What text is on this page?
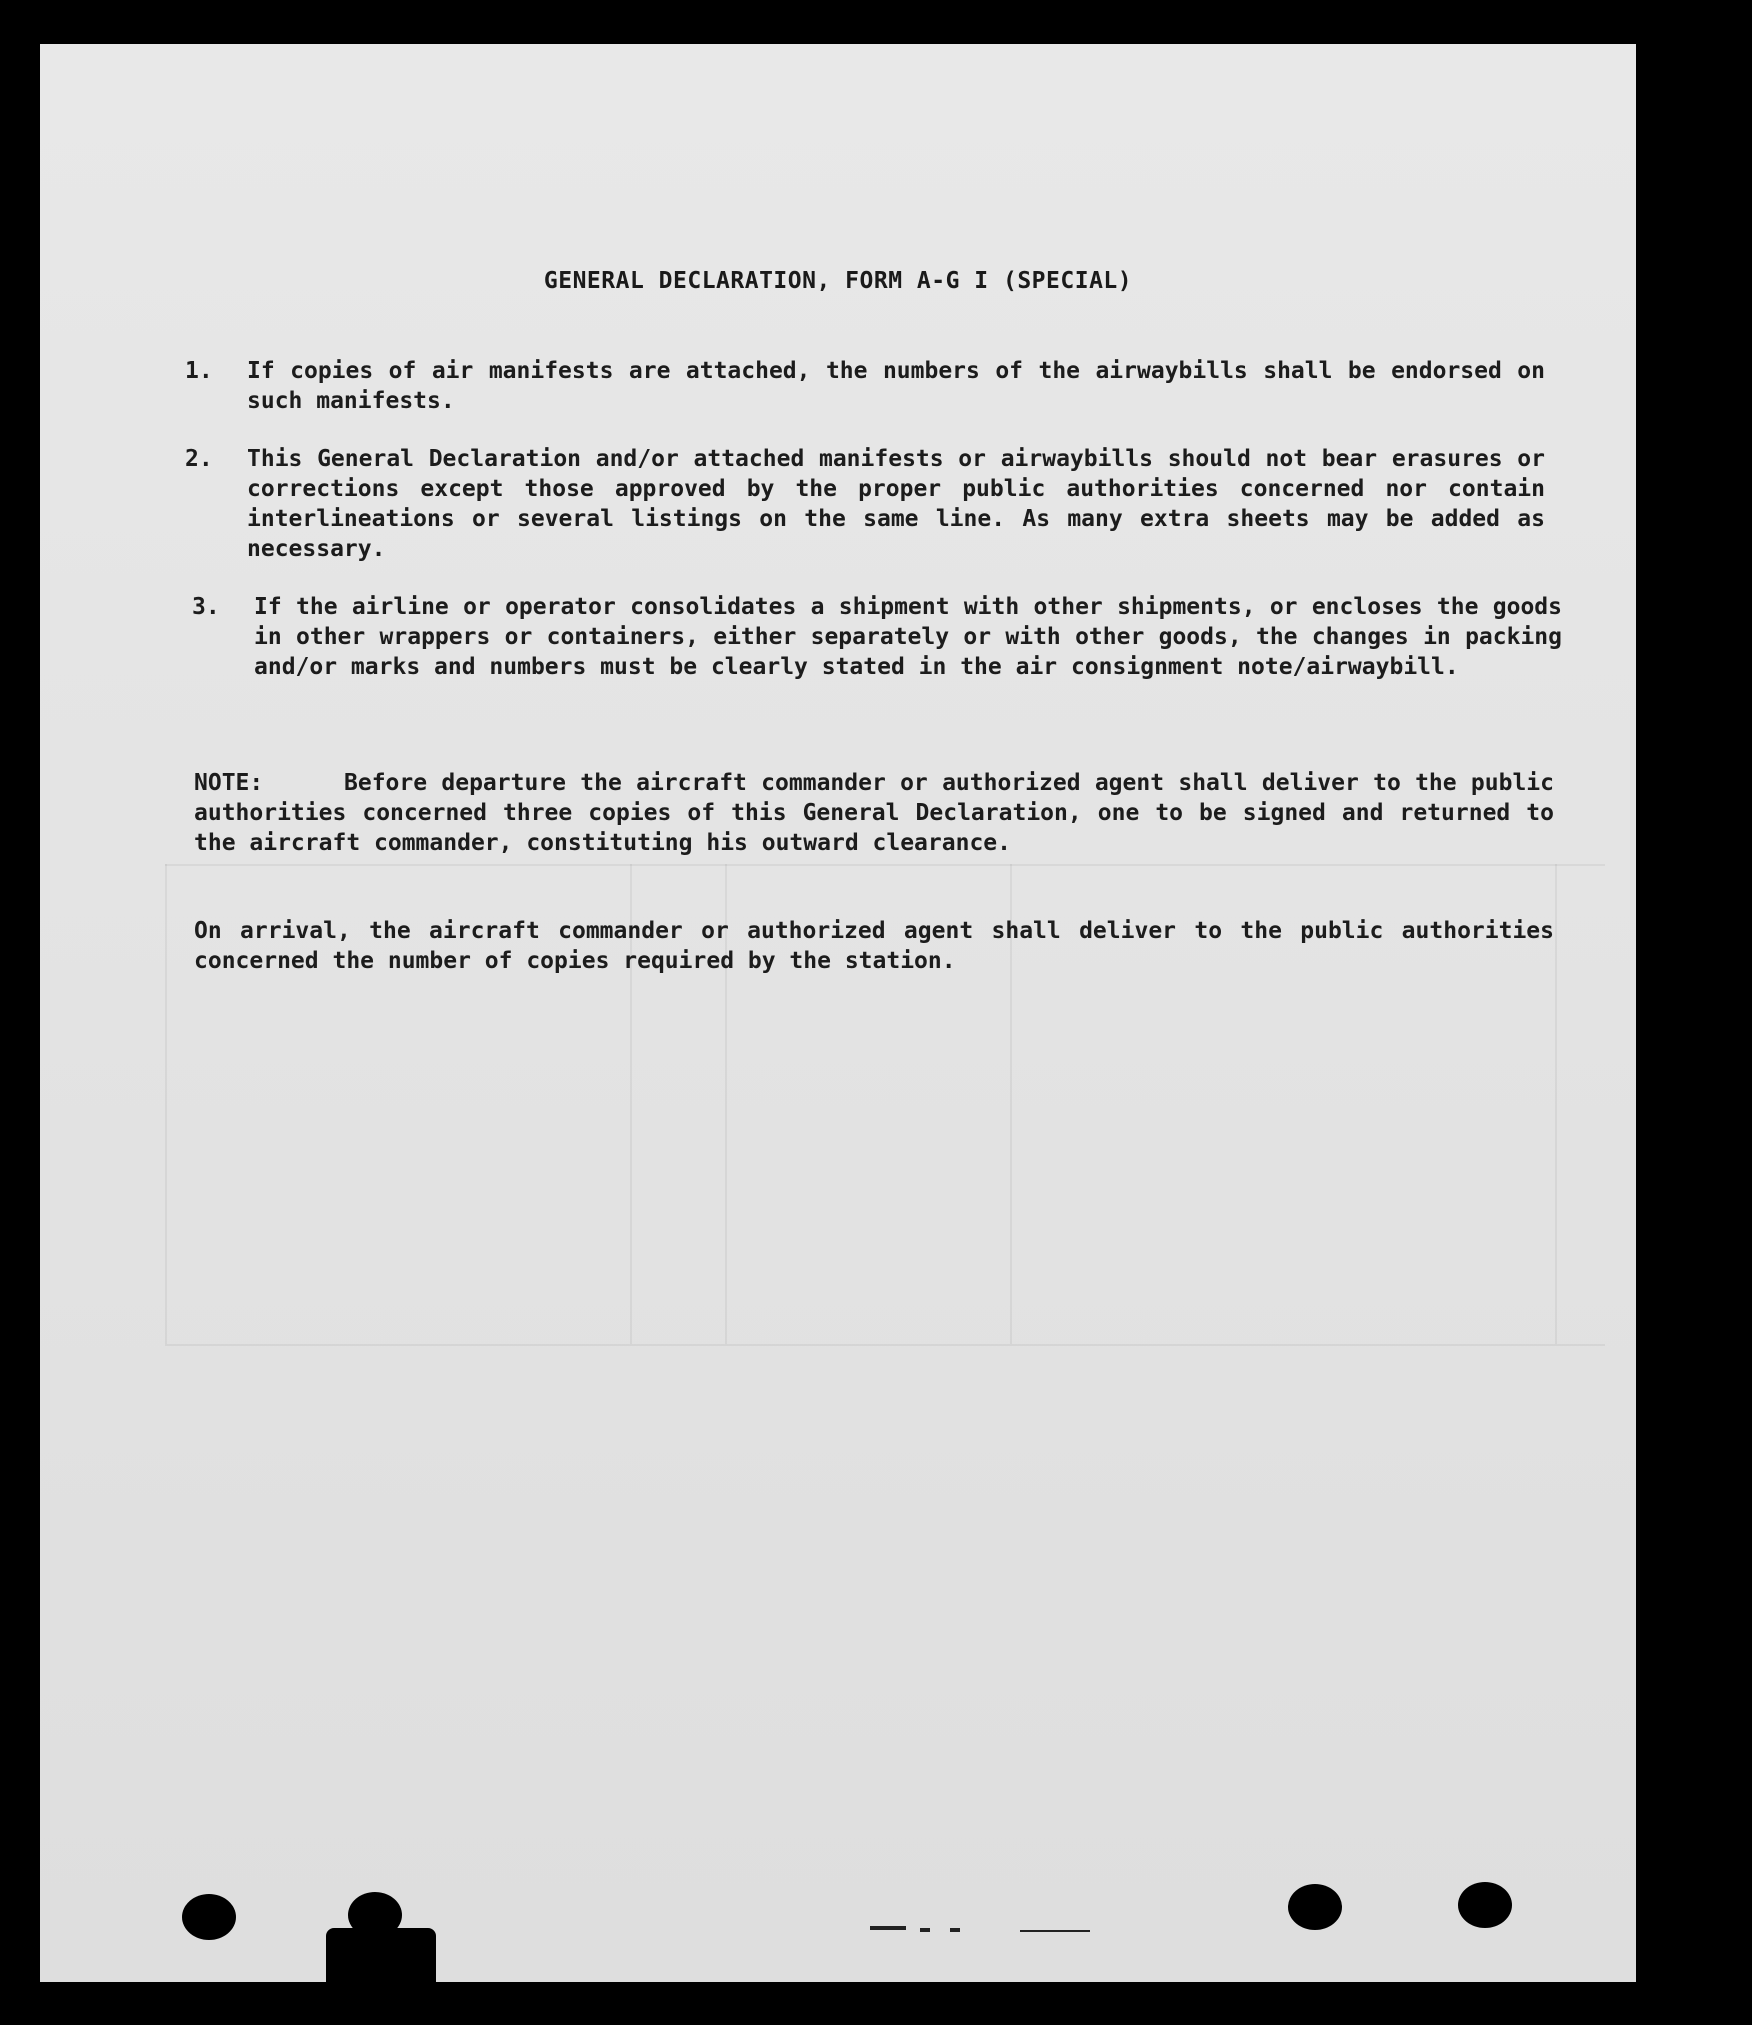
GENERAL DECLARATION, FORM A-G I (SPECIAL)
1.	If copies of air manifests are attached, the numbers of the airwaybills shall be endorsed on such manifests.
2.	This General Declaration and/or attached manifests or airwaybills should not bear erasures or corrections except those approved by the proper public authorities concerned nor contain interlineations or several listings on the same line. As many extra sheets may be added as necessary.
3.	If the airline or operator consolidates a shipment with other shipments, or encloses the goods in other wrappers or containers, either separately or with other goods, the changes in packing and/or marks and numbers must be clearly stated in the air consignment note/airwaybill.
NOTE:	Before departure the aircraft commander or authorized agent shall deliver to the public authorities concerned three copies of this General Declaration, one to be signed and returned to the aircraft commander, constituting his outward clearance.
On arrival, the aircraft commander or authorized agent shall deliver to the public authorities concerned the number of copies required by the station.
